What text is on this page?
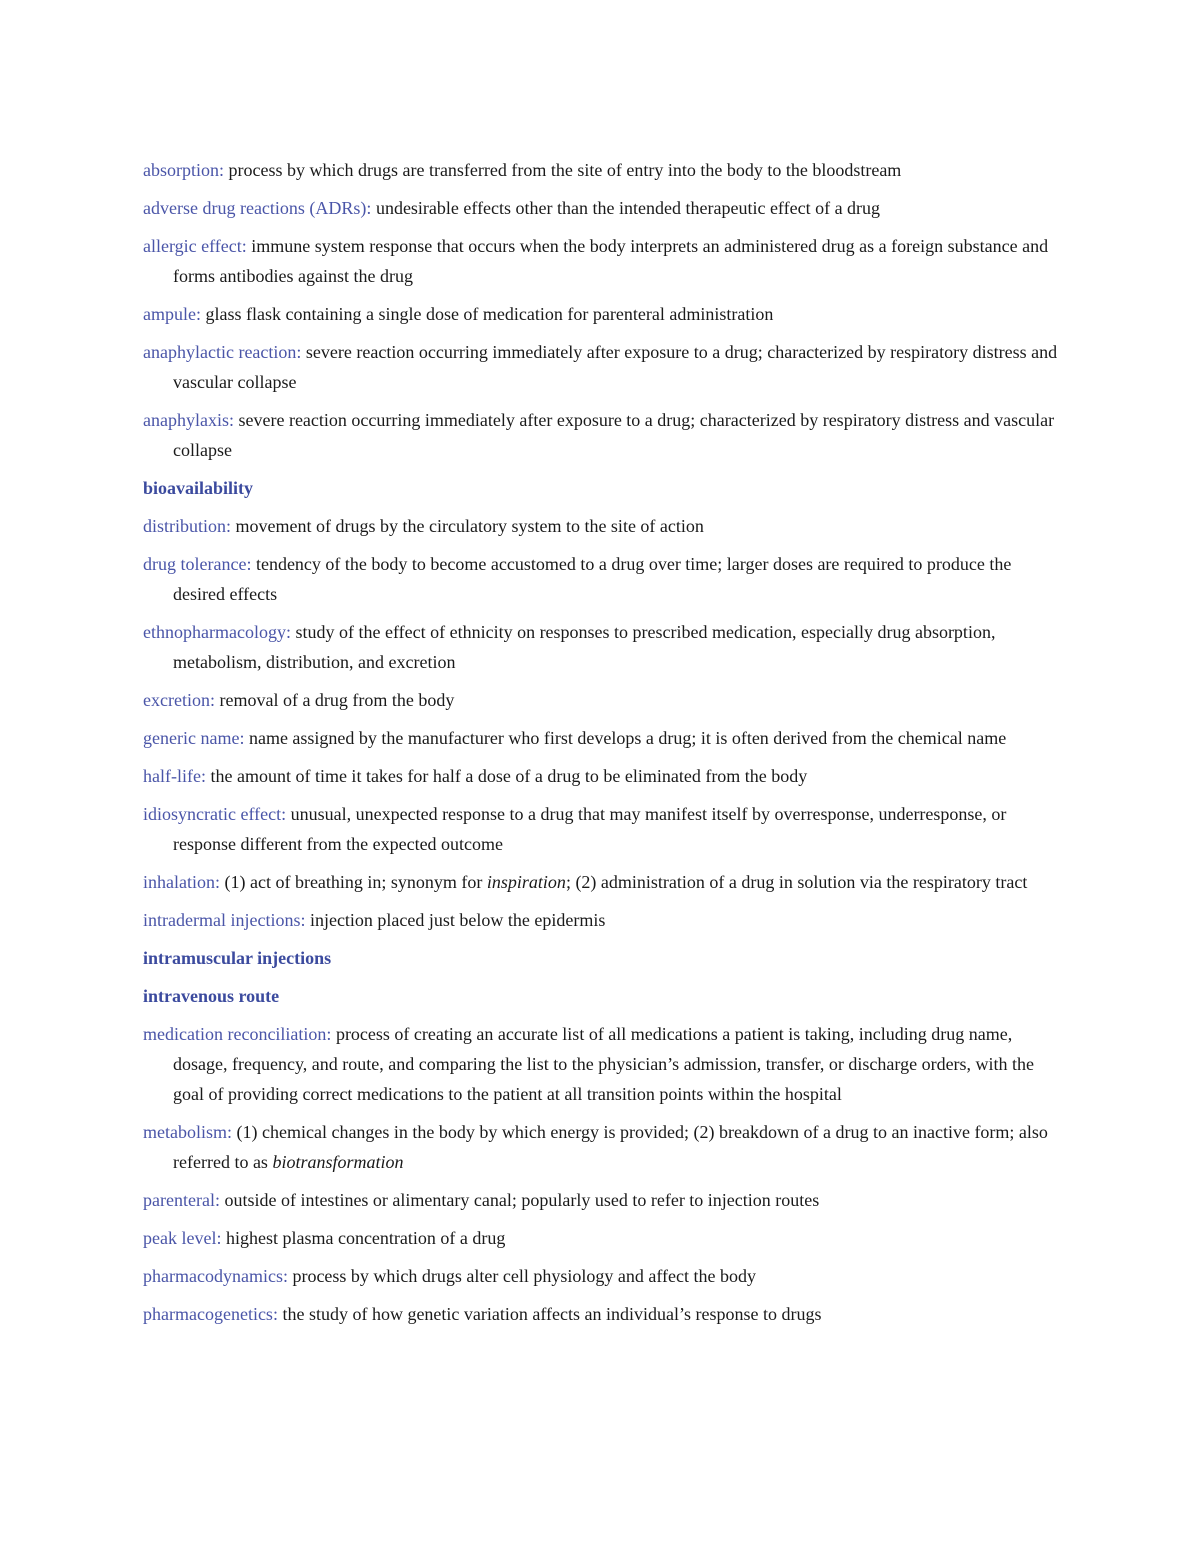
absorption: process by which drugs are transferred from the site of entry into the body to the bloodstream

adverse drug reactions (ADRs): undesirable effects other than the intended therapeutic effect of a drug

allergic effect: immune system response that occurs when the body interprets an administered drug as a foreign substance and forms antibodies against the drug

ampule: glass flask containing a single dose of medication for parenteral administration

anaphylactic reaction: severe reaction occurring immediately after exposure to a drug; characterized by respiratory distress and vascular collapse

anaphylaxis: severe reaction occurring immediately after exposure to a drug; characterized by respiratory distress and vascular collapse

bioavailability

distribution: movement of drugs by the circulatory system to the site of action

drug tolerance: tendency of the body to become accustomed to a drug over time; larger doses are required to produce the desired effects

ethnopharmacology: study of the effect of ethnicity on responses to prescribed medication, especially drug absorption, metabolism, distribution, and excretion

excretion: removal of a drug from the body

generic name: name assigned by the manufacturer who first develops a drug; it is often derived from the chemical name

half-life: the amount of time it takes for half a dose of a drug to be eliminated from the body

idiosyncratic effect: unusual, unexpected response to a drug that may manifest itself by overresponse, underresponse, or response different from the expected outcome

inhalation: (1) act of breathing in; synonym for inspiration; (2) administration of a drug in solution via the respiratory tract

intradermal injections: injection placed just below the epidermis

intramuscular injections

intravenous route

medication reconciliation: process of creating an accurate list of all medications a patient is taking, including drug name, dosage, frequency, and route, and comparing the list to the physician’s admission, transfer, or discharge orders, with the goal of providing correct medications to the patient at all transition points within the hospital

metabolism: (1) chemical changes in the body by which energy is provided; (2) breakdown of a drug to an inactive form; also referred to as biotransformation

parenteral: outside of intestines or alimentary canal; popularly used to refer to injection routes

peak level: highest plasma concentration of a drug

pharmacodynamics: process by which drugs alter cell physiology and affect the body

pharmacogenetics: the study of how genetic variation affects an individual’s response to drugs
